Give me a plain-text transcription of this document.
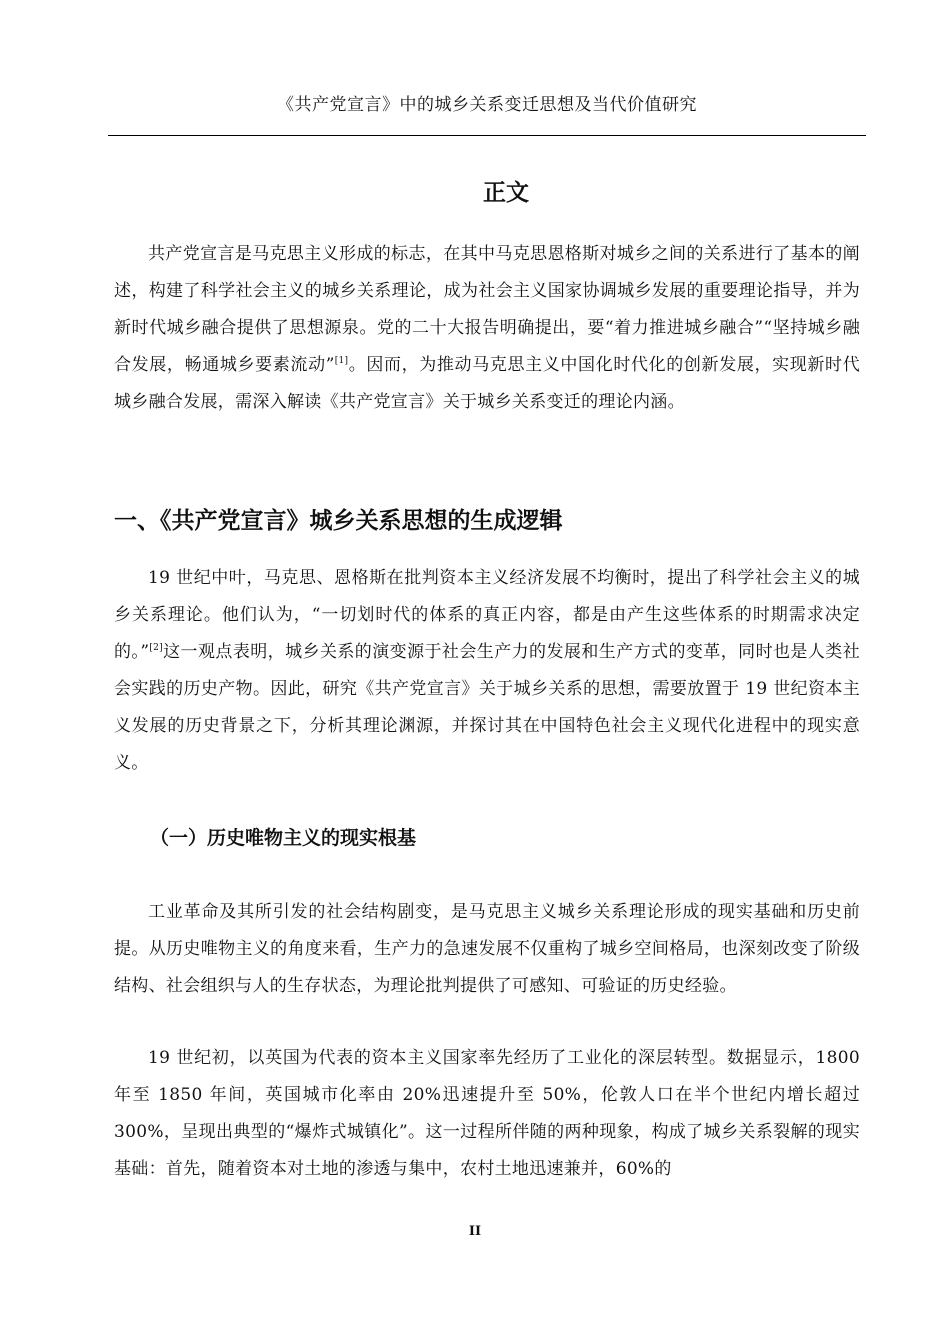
《共产党宣言》中的城乡关系变迁思想及当代价值研究
正文

共产党宣言是马克思主义形成的标志，在其中马克思恩格斯对城乡之间的关系进行了基本的阐述，构建了科学社会主义的城乡关系理论，成为社会主义国家协调城乡发展的重要理论指导，并为新时代城乡融合提供了思想源泉。党的二十大报告明确提出，要“着力推进城乡融合”“坚持城乡融合发展，畅通城乡要素流动”[1]。因而，为推动马克思主义中国化时代化的创新发展，实现新时代城乡融合发展，需深入解读《共产党宣言》关于城乡关系变迁的理论内涵。

一、《共产党宣言》城乡关系思想的生成逻辑

19 世纪中叶，马克思、恩格斯在批判资本主义经济发展不均衡时，提出了科学社会主义的城乡关系理论。他们认为，“一切划时代的体系的真正内容，都是由产生这些体系的时期需求决定的。”[2]这一观点表明，城乡关系的演变源于社会生产力的发展和生产方式的变革，同时也是人类社会实践的历史产物。因此，研究《共产党宣言》关于城乡关系的思想，需要放置于 19 世纪资本主义发展的历史背景之下，分析其理论渊源，并探讨其在中国特色社会主义现代化进程中的现实意义。

（一）历史唯物主义的现实根基

工业革命及其所引发的社会结构剧变，是马克思主义城乡关系理论形成的现实基础和历史前提。从历史唯物主义的角度来看，生产力的急速发展不仅重构了城乡空间格局，也深刻改变了阶级结构、社会组织与人的生存状态，为理论批判提供了可感知、可验证的历史经验。

19 世纪初，以英国为代表的资本主义国家率先经历了工业化的深层转型。数据显示，1800 年至 1850 年间，英国城市化率由 20%迅速提升至 50%，伦敦人口在半个世纪内增长超过 300%，呈现出典型的“爆炸式城镇化”。这一过程所伴随的两种现象，构成了城乡关系裂解的现实基础：首先，随着资本对土地的渗透与集中，农村土地迅速兼并，60%的

II
